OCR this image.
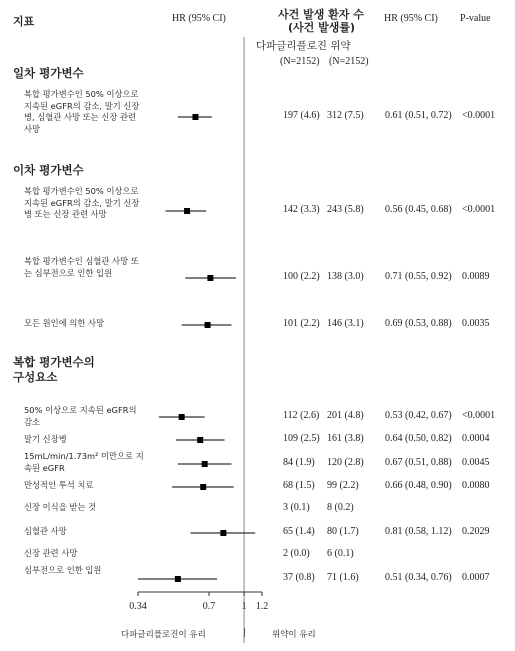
지표	HR (95% CI)	사건 발생 환자 수
(사건 발생률)
HR (95% CI) P-value
다파글리플로진 위약
(N=2152) (N=2152)
일차 평가변수
이차 평가변수
복합 평가변수의
구성요소
복합 평가변수인 50% 이상으로 지속된 eGFR의 감소, 말기 신장병, 심혈관 사망 또는 신장 관련 사망
197 (4.6) 312 (7.5) 0.61 (0.51, 0.72) <0.0001
복합 평가변수인 50% 이상으로 지속된 eGFR의 감소, 말기 신장병 또는 신장 관련 사망	142 (3.3) 243 (5.8) 0.56 (0.45, 0.68) <0.0001
복합 평가변수인 심혈관 사망 또는 심부전으로 인한 입원	100 (2.2) 138 (3.0) 0.71 (0.55, 0.92) 0.0089
모든 원인에 의한 사망	101 (2.2) 146 (3.1) 0.69 (0.53, 0.88) 0.0035
50% 이상으로 지속된 eGFR의 감소
112 (2.6) 201 (4.8) 0.53 (0.42, 0.67) <0.0001
말기 신장병	109 (2.5) 161 (3.8) 0.64 (0.50, 0.82) 0.0004
15mL/min/1.73m² 미만으로 지속된 eGFR	84 (1.9) 120 (2.8) 0.67 (0.51, 0.88) 0.0045
만성적인 투석 치료	68 (1.5) 99 (2.2)	0.66 (0.48, 0.90) 0.0080
신장 이식을 받는 것	3 (0.1) 8 (0.2)
심혈관 사망	65 (1.4) 80 (1.7)	0.81 (0.58, 1.12) 0.2029
신장 관련 사망	2 (0.0) 6 (0.1)
심부전으로 인한 입원
37 (0.8) 71 (1.6)	0.51 (0.34, 0.76) 0.0007
0.34	0.7	1 1.2
다파글리플로진이 유리	|	위약이 유리
